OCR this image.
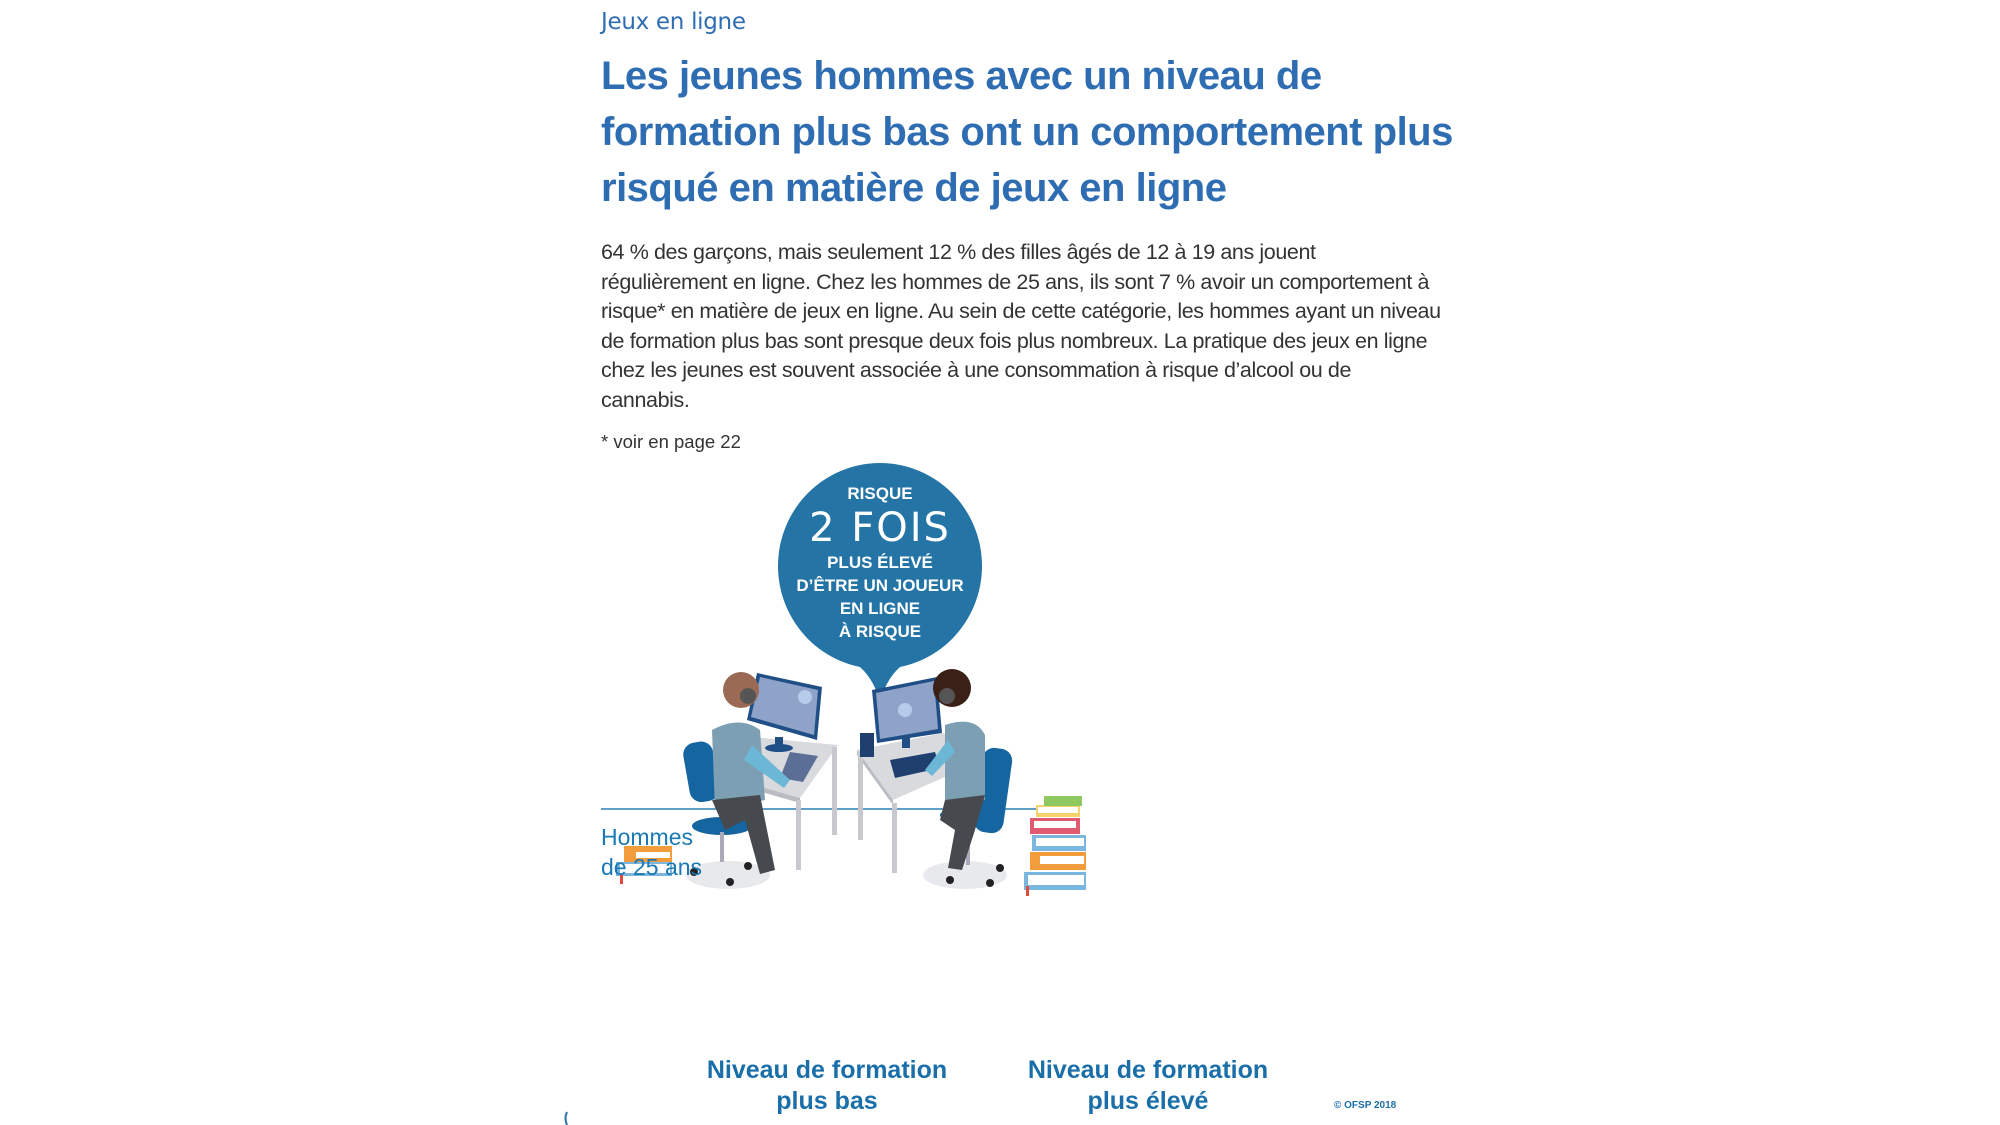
Jeux en ligne
Les jeunes hommes avec un niveau de formation plus bas ont un comportement plus risqué en matière de jeux en ligne

64 % des garçons, mais seulement 12 % des filles âgés de 12 à 19 ans jouent régulièrement en ligne. Chez les hommes de 25 ans, ils sont 7 % avoir un comportement à risque* en matière de jeux en ligne. Au sein de cette catégorie, les hommes ayant un niveau de formation plus bas sont presque deux fois plus nombreux. La pratique des jeux en ligne chez les jeunes est souvent associée à une consommation à risque d’alcool ou de cannabis.

* voir en page 22
RISQUE
2 FOIS
PLUS ÉLEVÉ
D’ÊTRE UN JOUEUR
EN LIGNE
À RISQUE
Hommes
de 25 ans
Niveau de formation
plus bas
Niveau de formation
plus élevé	© OFSP 2018
